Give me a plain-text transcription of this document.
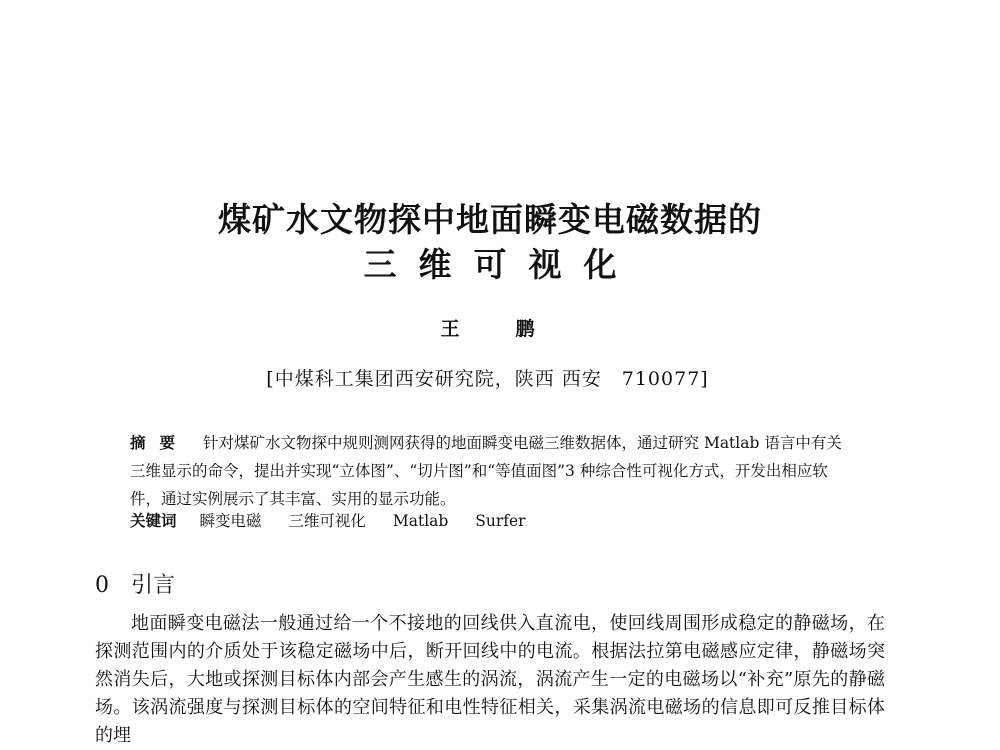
煤矿水文物探中地面瞬变电磁数据的
三维可视化
王鹏
[中煤科工集团西安研究院，陕西 西安　710077]
摘要 针对煤矿水文物探中规则测网获得的地面瞬变电磁三维数据体，通过研究 Matlab 语言中有关三维显示的命令，提出并实现“立体图”、“切片图”和“等值面图”3 种综合性可视化方式，开发出相应软件，通过实例展示了其丰富、实用的显示功能。
关键词 瞬变电磁 三维可视化 Matlab Surfer
0 引言
地面瞬变电磁法一般通过给一个不接地的回线供入直流电，使回线周围形成稳定的静磁场，在探测范围内的介质处于该稳定磁场中后，断开回线中的电流。根据法拉第电磁感应定律，静磁场突然消失后，大地或探测目标体内部会产生感生的涡流，涡流产生一定的电磁场以“补充”原先的静磁场。该涡流强度与探测目标体的空间特征和电性特征相关，采集涡流电磁场的信息即可反推目标体的埋
